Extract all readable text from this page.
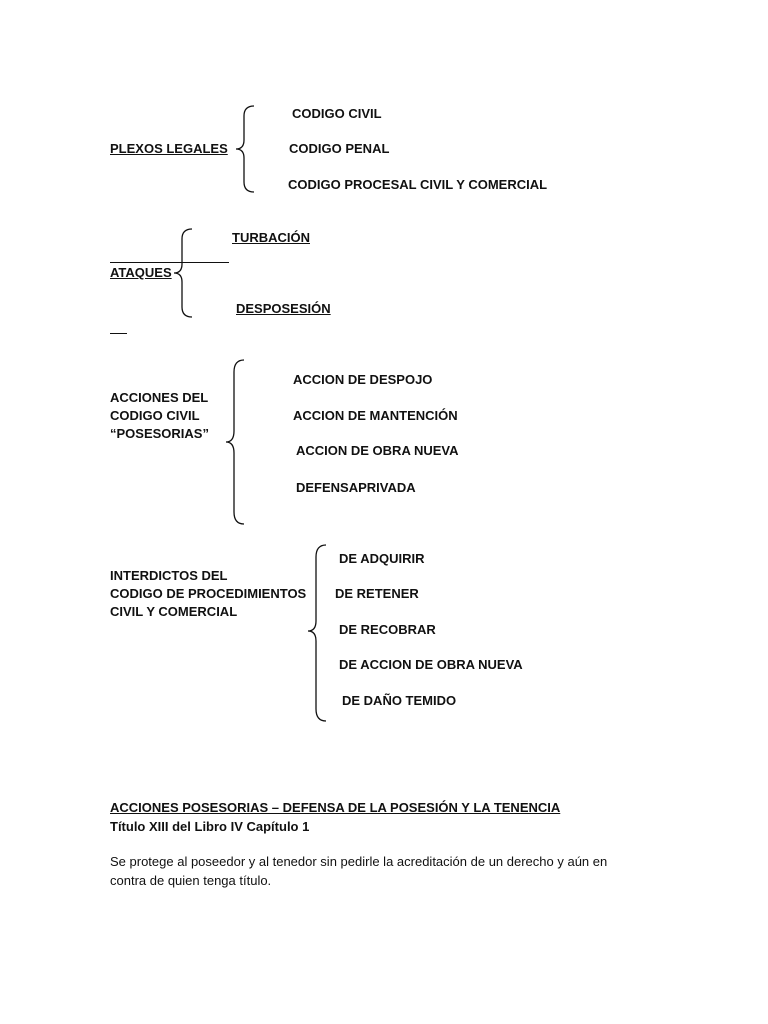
PLEXOS LEGALES
CODIGO CIVIL
CODIGO PENAL
CODIGO PROCESAL CIVIL Y COMERCIAL
ATAQUES
TURBACIÓN
DESPOSESIÓN
ACCIONES DEL
CODIGO CIVIL
“POSESORIAS”
ACCION DE DESPOJO
ACCION DE MANTENCIÓN
ACCION DE OBRA NUEVA
DEFENSAPRIVADA
INTERDICTOS DEL
CODIGO DE PROCEDIMIENTOS
CIVIL Y COMERCIAL
DE ADQUIRIR
DE RETENER
DE RECOBRAR
DE ACCION DE OBRA NUEVA
DE DAÑO TEMIDO
ACCIONES POSESORIAS – DEFENSA DE LA POSESIÓN Y LA TENENCIA
Título XIII del Libro IV Capítulo 1
Se protege al poseedor y al tenedor sin pedirle la acreditación de un derecho y aún en
contra de quien tenga título.
